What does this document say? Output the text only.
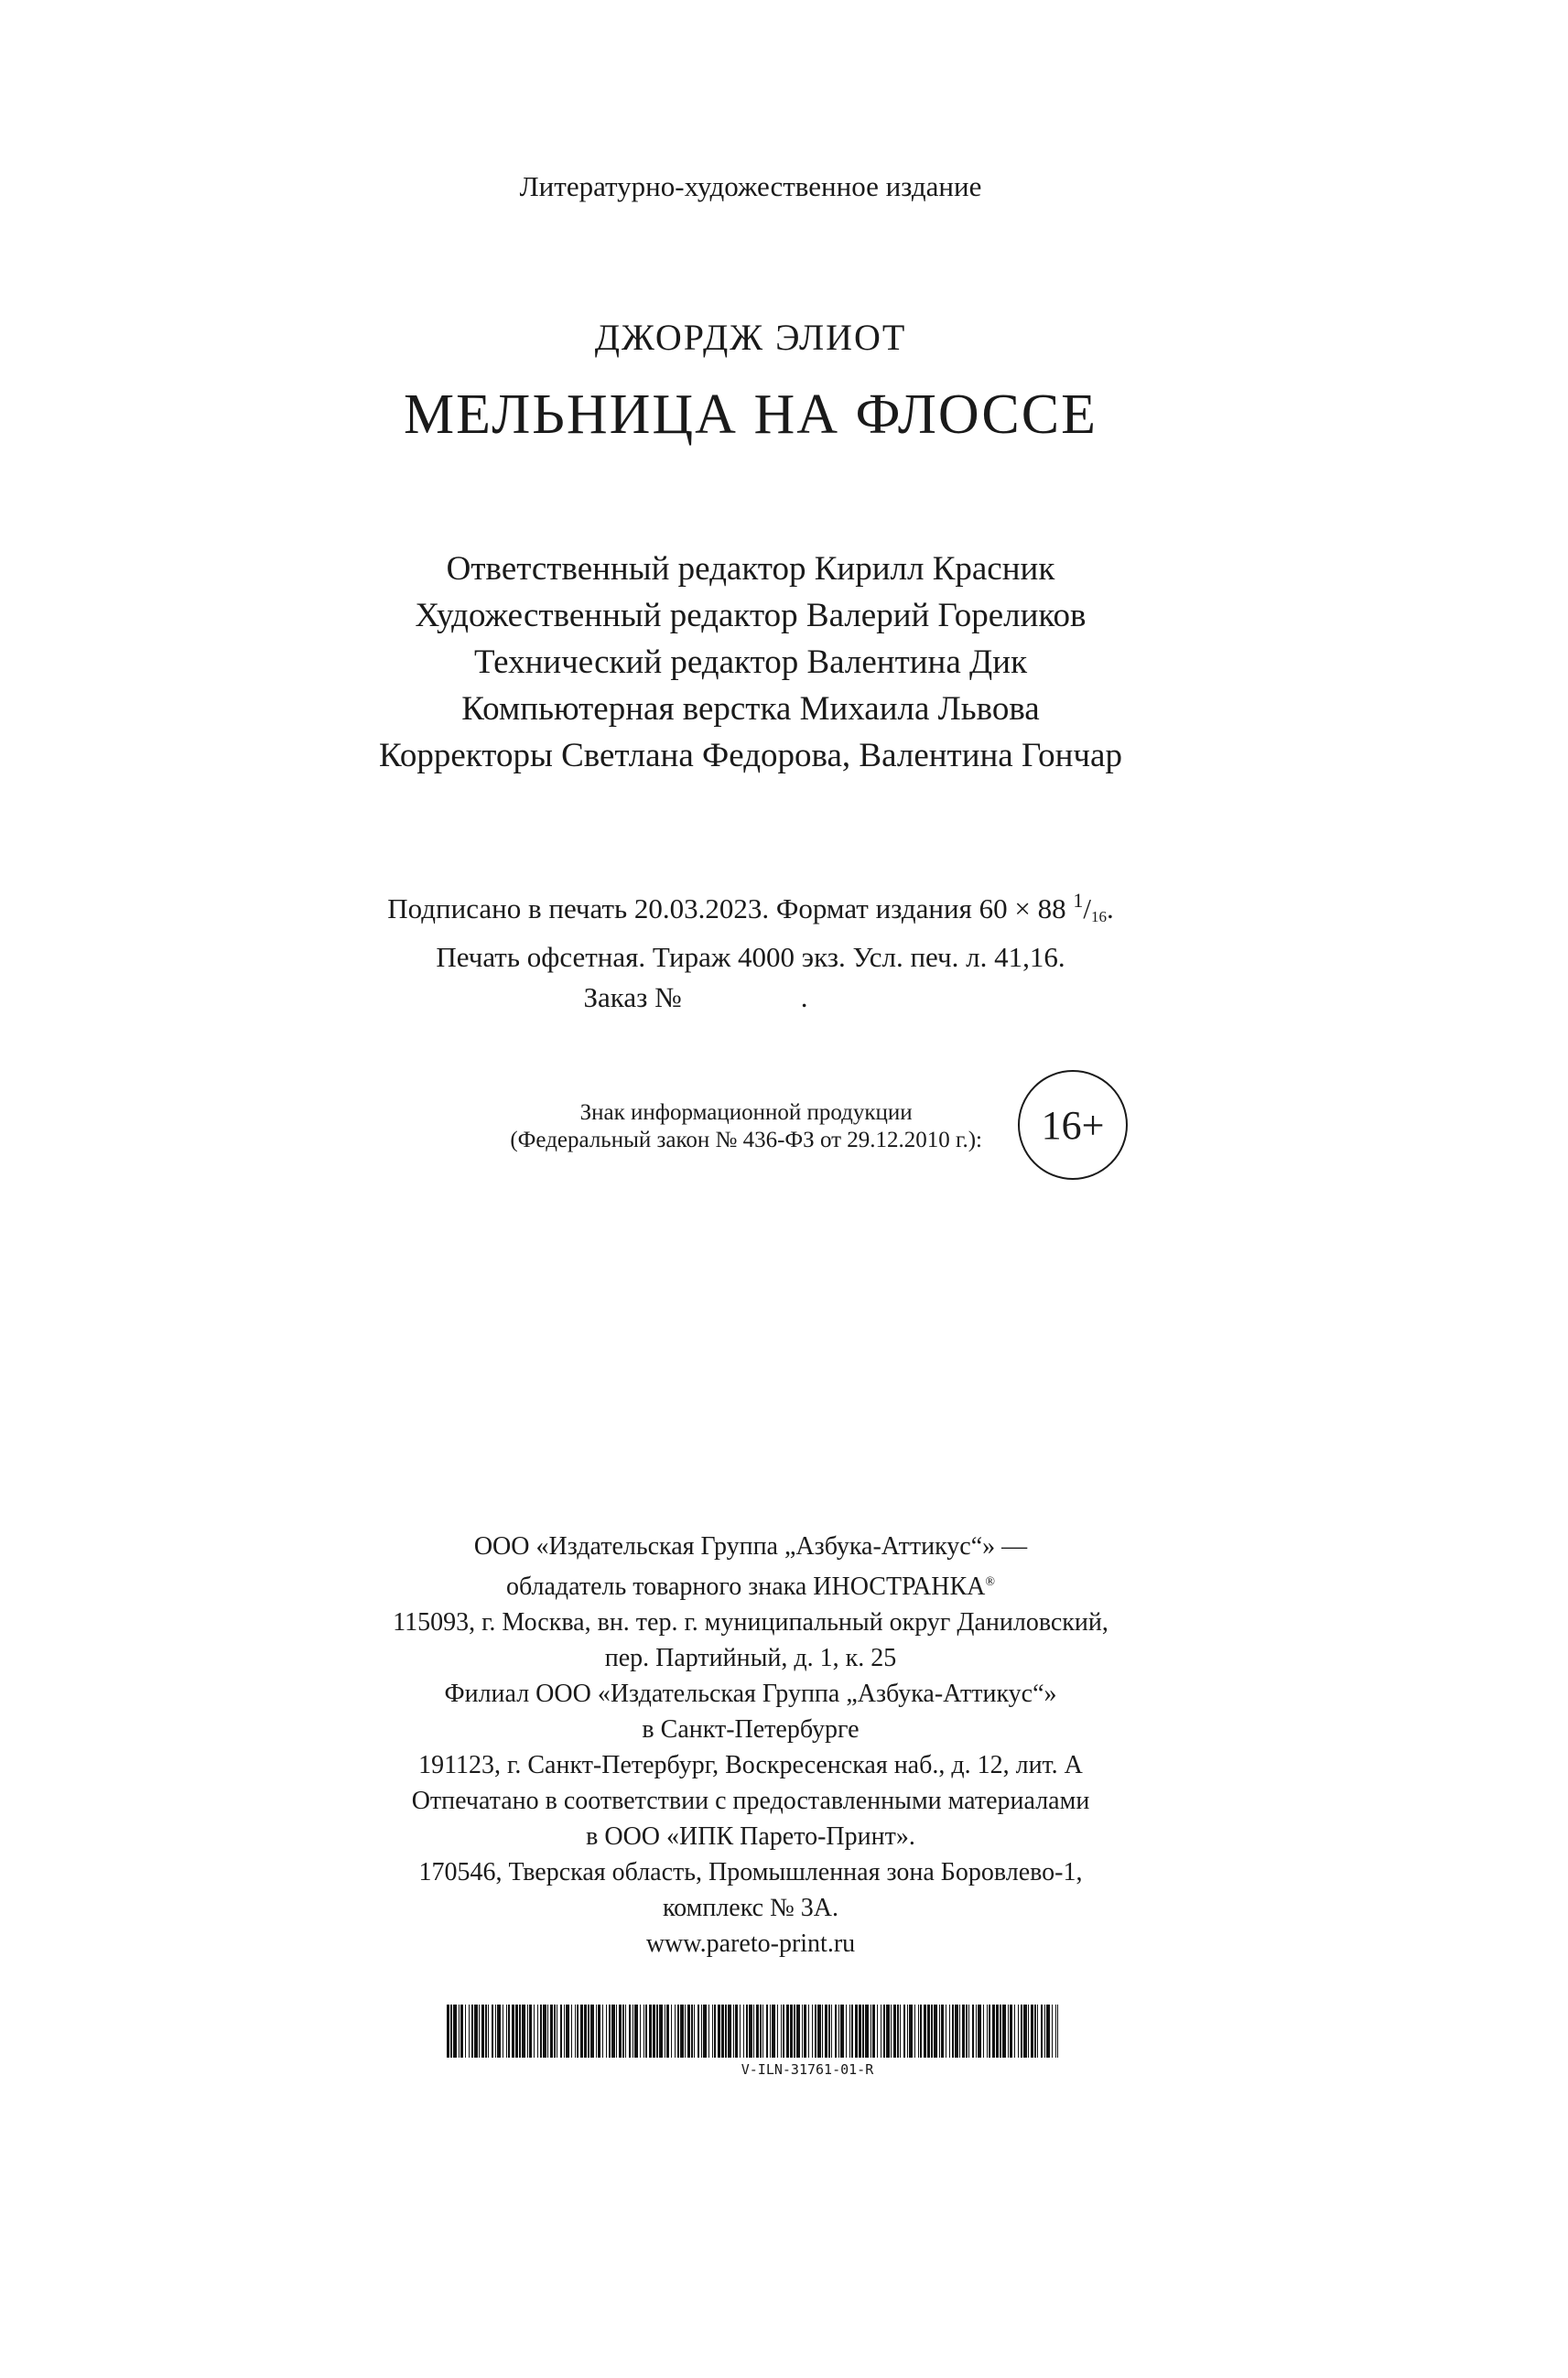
Литературно-художественное издание
ДЖОРДЖ ЭЛИОТ
МЕЛЬНИЦА НА ФЛОССЕ
Ответственный редактор Кирилл Красник
Художественный редактор Валерий Гореликов
Технический редактор Валентина Дик
Компьютерная верстка Михаила Львова
Корректоры Светлана Федорова, Валентина Гончар
Подписано в печать 20.03.2023. Формат издания 60 × 88 $^1/_{16}$.
Печать офсетная. Тираж 4000 экз. Усл. печ. л. 41,16.
Заказ №	.
Знак информационной продукции
(Федеральный закон № 436-ФЗ от 29.12.2010 г.):	16+
ООО «Издательская Группа „Азбука-Аттикус“» —
обладатель товарного знака ИНОСТРАНКА®
115093, г. Москва, вн. тер. г. муниципальный округ Даниловский,
пер. Партийный, д. 1, к. 25
Филиал ООО «Издательская Группа „Азбука-Аттикус“»
в Санкт-Петербурге
191123, г. Санкт-Петербург, Воскресенская наб., д. 12, лит. А
Отпечатано в соответствии с предоставленными материалами
в ООО «ИПК Парето-Принт».
170546, Тверская область, Промышленная зона Боровлево-1,
комплекс № 3А.
www.pareto-print.ru
V-ILN-31761-01-R
